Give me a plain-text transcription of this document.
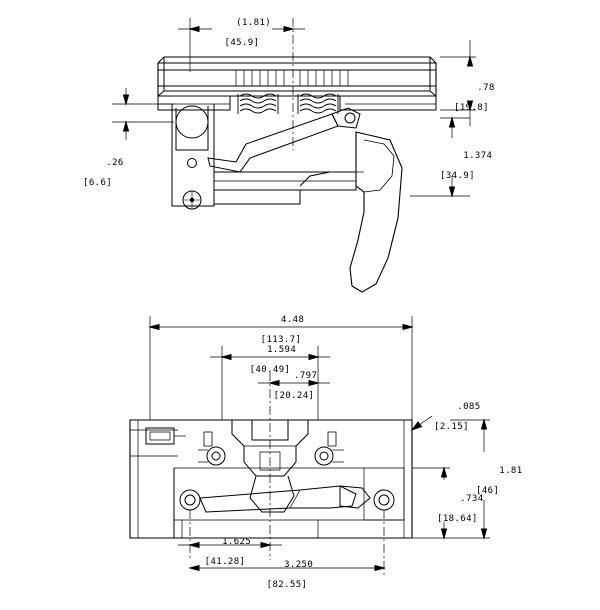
(1.81)

[45.9]

.78

[19.8]

1.374

[34.9]

.26

[6.6]

4.48

[113.7]

1.594

[40.49]

.797

[20.24]

.085

[2.15]

.734

[18.64]

1.81

[46]

1.625

[41.28]

	3.250

[82.55]
